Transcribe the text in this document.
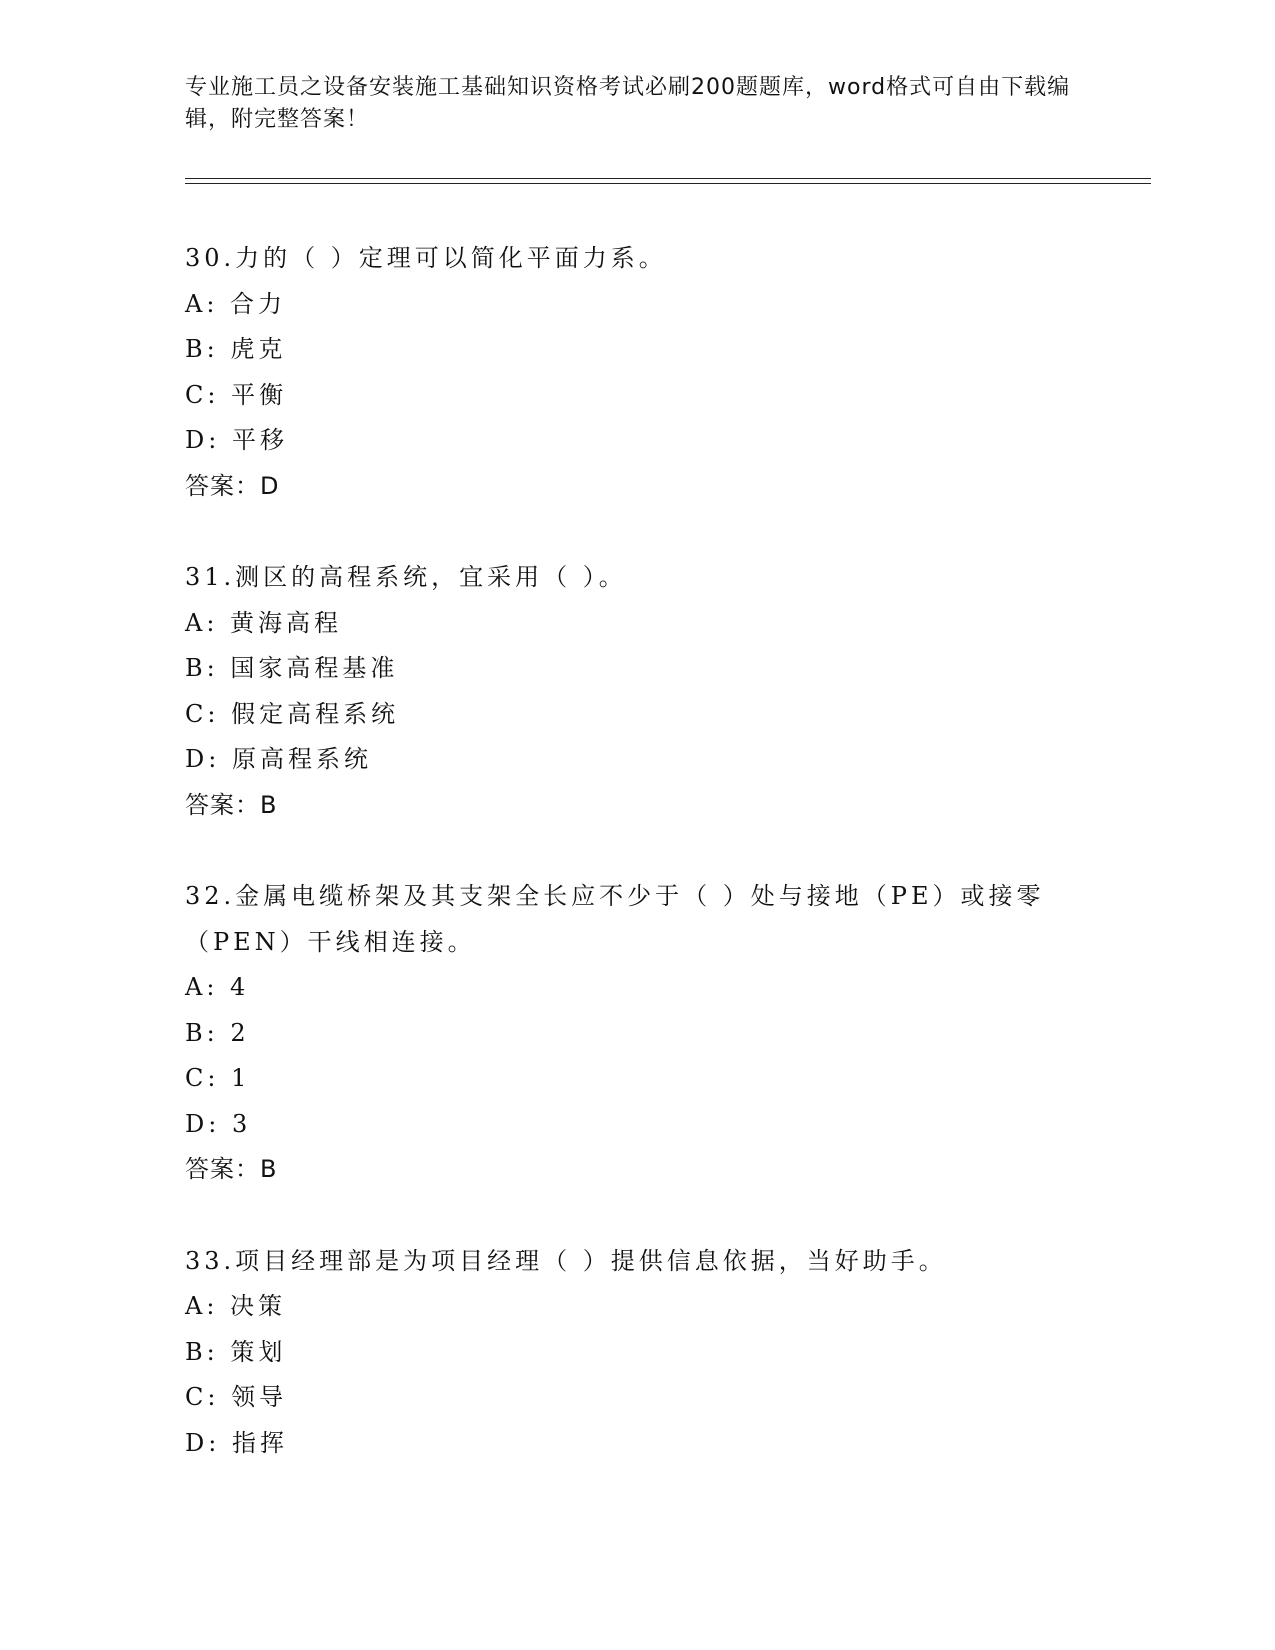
专业施工员之设备安装施工基础知识资格考试必刷200题题库，word格式可自由下载编辑，附完整答案！
30.力的（ ）定理可以简化平面力系。
A: 合力
B: 虎克
C: 平衡
D: 平移
答案：D
31.测区的高程系统，宜采用（ ）。
A: 黄海高程
B: 国家高程基准
C: 假定高程系统
D: 原高程系统
答案：B
32.金属电缆桥架及其支架全长应不少于（ ）处与接地（PE）或接零（PEN）干线相连接。
A: 4
B: 2
C: 1
D: 3
答案：B
33.项目经理部是为项目经理（ ）提供信息依据，当好助手。
A: 决策
B: 策划
C: 领导
D: 指挥
